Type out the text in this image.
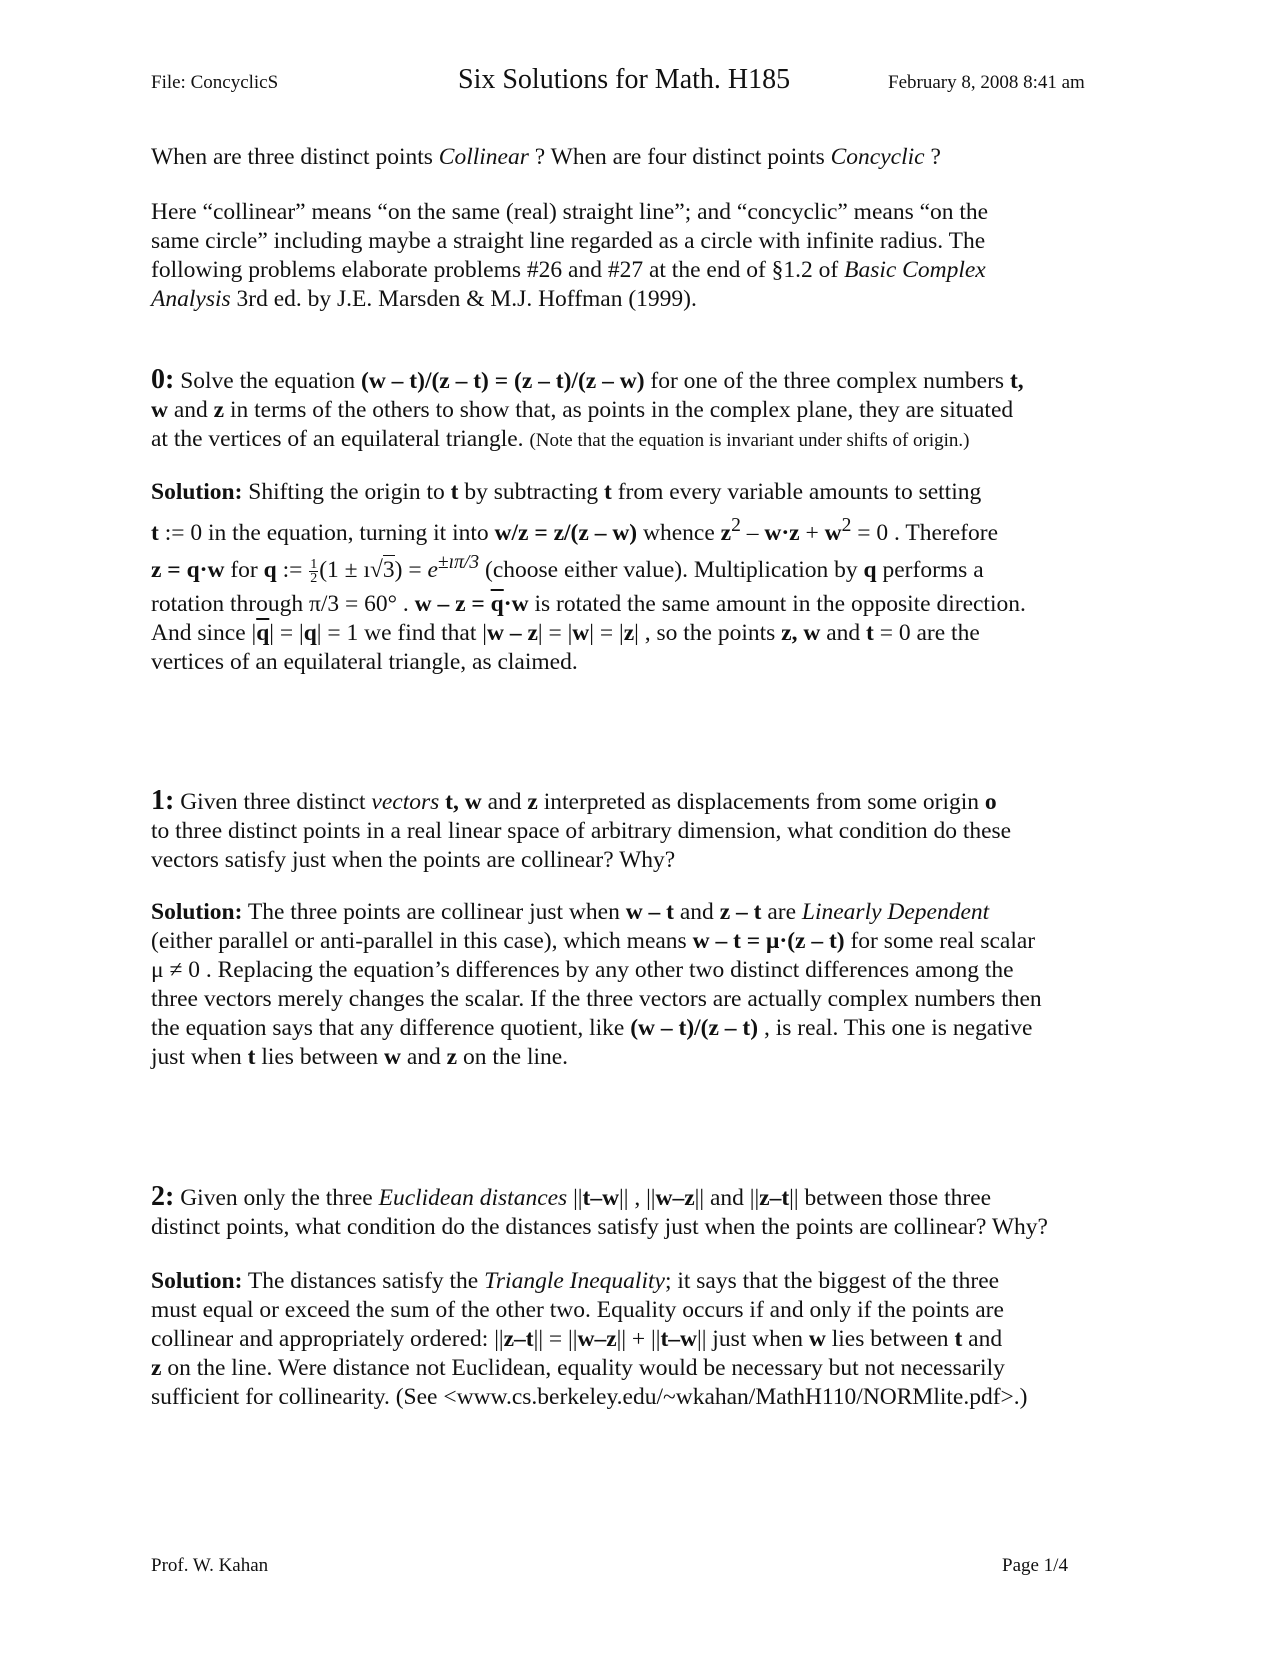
File: ConcyclicS	Six Solutions for Math. H185	February 8, 2008 8:41 am
When are three distinct points Collinear ? When are four distinct points Concyclic ?
Here “collinear” means “on the same (real) straight line”; and “concyclic” means “on the
same circle” including maybe a straight line regarded as a circle with infinite radius. The
following problems elaborate problems #26 and #27 at the end of §1.2 of Basic Complex
Analysis 3rd ed. by J.E. Marsden & M.J. Hoffman (1999).
0: Solve the equation (w – t)/(z – t) = (z – t)/(z – w) for one of the three complex numbers t,
w and z in terms of the others to show that, as points in the complex plane, they are situated
at the vertices of an equilateral triangle. (Note that the equation is invariant under shifts of origin.)
Solution: Shifting the origin to t by subtracting t from every variable amounts to setting
t := 0 in the equation, turning it into w/z = z/(z – w) whence $z^2 - w\cdot z + w^2 = 0$ . Therefore
z = q·w for q := $\frac{1}{2} (1$ ± ı√3) = $e^{\pm ı\pi/3}$ (choose either value). Multiplication by q performs a
rotation through π/3 = 60° . $w - z = \overline{q}\cdot w$ is rotated the same amount in the opposite direction.
And since $|\overline{q}| = |q| = 1$ we find that |w – z| = |w| = |z| , so the points z, w and t = 0 are the
vertices of an equilateral triangle, as claimed.
1: Given three distinct vectors t, w and z interpreted as displacements from some origin o
to three distinct points in a real linear space of arbitrary dimension, what condition do these
vectors satisfy just when the points are collinear? Why?
Solution: The three points are collinear just when w – t and z – t are Linearly Dependent
(either parallel or anti-parallel in this case), which means w – t = μ·(z – t) for some real scalar
μ ≠ 0 . Replacing the equation’s differences by any other two distinct differences among the
three vectors merely changes the scalar. If the three vectors are actually complex numbers then
the equation says that any difference quotient, like (w – t)/(z – t) , is real. This one is negative
just when t lies between w and z on the line.
2: Given only the three Euclidean distances ||t–w|| , ||w–z|| and ||z–t|| between those three
distinct points, what condition do the distances satisfy just when the points are collinear? Why?
Solution: The distances satisfy the Triangle Inequality; it says that the biggest of the three
must equal or exceed the sum of the other two. Equality occurs if and only if the points are
collinear and appropriately ordered: ||z–t|| = ||w–z|| + ||t–w|| just when w lies between t and
z on the line. Were distance not Euclidean, equality would be necessary but not necessarily
sufficient for collinearity. (See <www.cs.berkeley.edu/~wkahan/MathH110/NORMlite.pdf>.)
Prof. W. Kahan	Page 1/4
